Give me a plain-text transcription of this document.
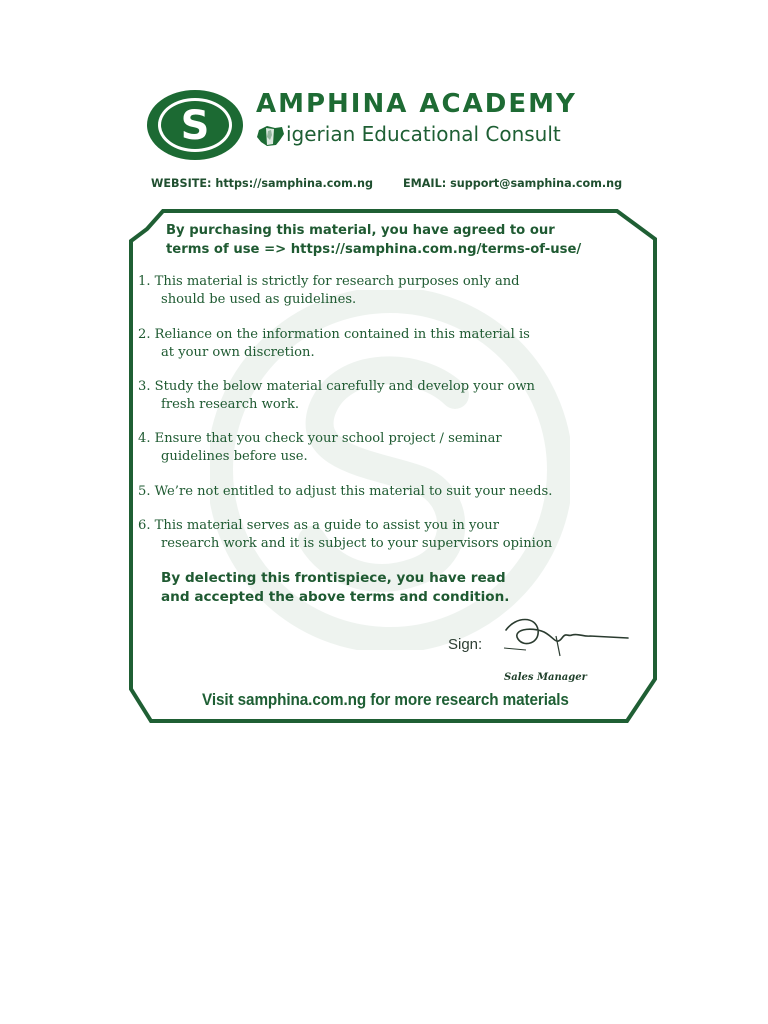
S AMPHINA ACADEMY

igerian Educational Consult

WEBSITE: https://samphina.com.ng	EMAIL: support@samphina.com.ng
By purchasing this material, you have agreed to our
terms of use => https://samphina.com.ng/terms-of-use/
1. This material is strictly for research purposes only and
should be used as guidelines.
2. Reliance on the information contained in this material is
at your own discretion.
3. Study the below material carefully and develop your own
fresh research work.
4. Ensure that you check your school project / seminar
guidelines before use.
5. We’re not entitled to adjust this material to suit your needs.
6. This material serves as a guide to assist you in your
research work and it is subject to your supervisors opinion
By delecting this frontispiece, you have read
and accepted the above terms and condition.

Sign:

Sales Manager

Visit samphina.com.ng for more research materials
